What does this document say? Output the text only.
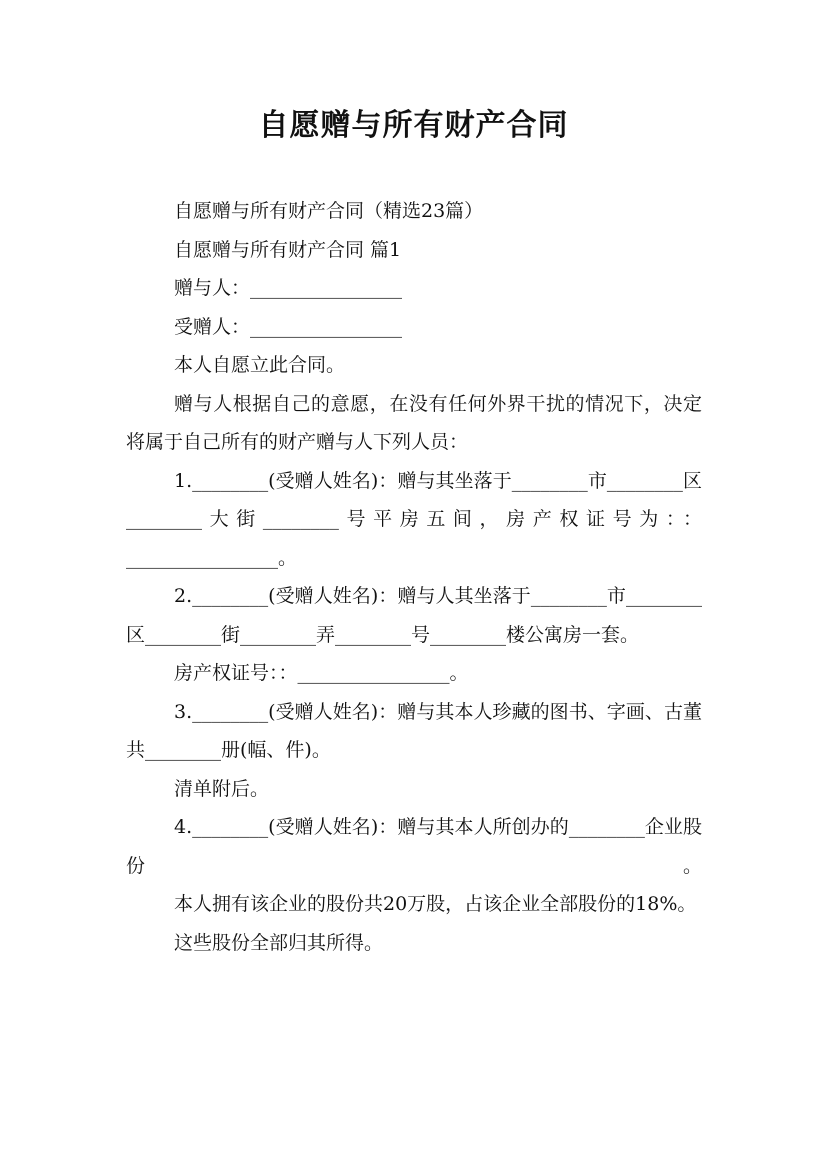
自愿赠与所有财产合同

自愿赠与所有财产合同（精选23篇）

自愿赠与所有财产合同 篇1

赠与人：________________

受赠人：________________

本人自愿立此合同。

赠与人根据自己的意愿，在没有任何外界干扰的情况下，决定将属于自己所有的财产赠与人下列人员：

1.________(受赠人姓名)：赠与其坐落于________市________区________大街________号平房五间，房产权证号为：：________________。

2.________(受赠人姓名)：赠与人其坐落于________市________区________街________弄________号________楼公寓房一套。

房产权证号：：________________。

3.________(受赠人姓名)：赠与其本人珍藏的图书、字画、古董共________册(幅、件)。

清单附后。

4.________(受赠人姓名)：赠与其本人所创办的________企业股份。

本人拥有该企业的股份共20万股，占该企业全部股份的18%。

这些股份全部归其所得。
